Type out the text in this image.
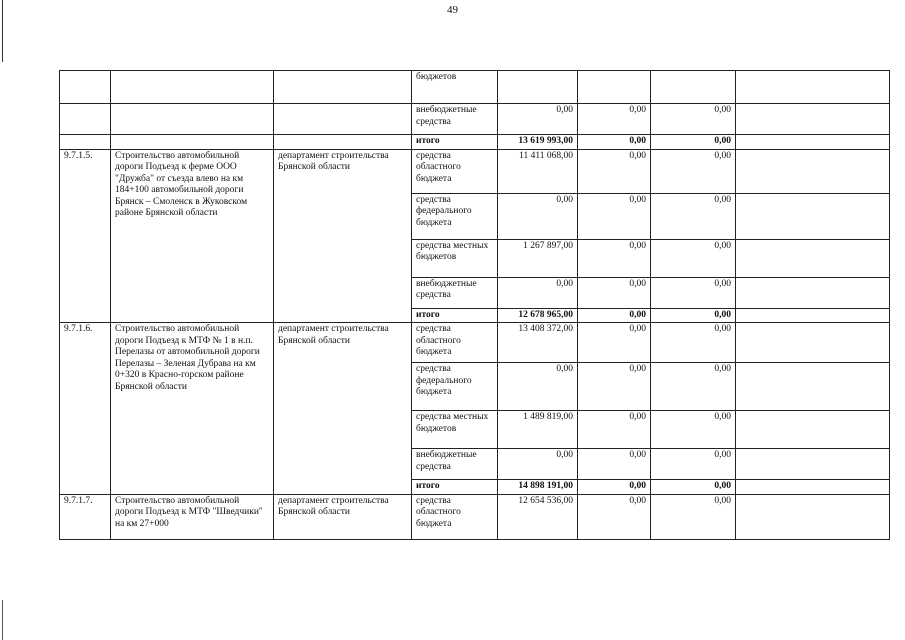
49
			бюджетов				
			внебюджетные средства	0,00	0,00	0,00	
			итого	13 619 993,00	0,00	0,00	
9.7.1.5.	Строительство автомобильной дороги Подъезд к ферме ООО "Дружба" от съезда влево на км 184+100 автомобильной дороги Брянск – Смоленск в Жуковском районе Брянской области	департамент строительства Брянской области	средства областного бюджета	11 411 068,00	0,00	0,00	
			средства федерального бюджета	0,00	0,00	0,00	
			средства местных бюджетов	1 267 897,00	0,00	0,00	
			внебюджетные средства	0,00	0,00	0,00	
			итого	12 678 965,00	0,00	0,00	
9.7.1.6.	Строительство автомобильной дороги Подъезд к МТФ № 1 в н.п. Перелазы от автомобильной дороги Перелазы – Зеленая Дубрава на км 0+320 в Красно-горском районе Брянской области	департамент строительства Брянской области	средства областного бюджета	13 408 372,00	0,00	0,00	
			средства федерального бюджета	0,00	0,00	0,00	
			средства местных бюджетов	1 489 819,00	0,00	0,00	
			внебюджетные средства	0,00	0,00	0,00	
			итого	14 898 191,00	0,00	0,00	
9.7.1.7.	Строительство автомобильной дороги Подъезд к МТФ "Шведчики" на км 27+000	департамент строительства Брянской области	средства областного бюджета	12 654 536,00	0,00	0,00	
